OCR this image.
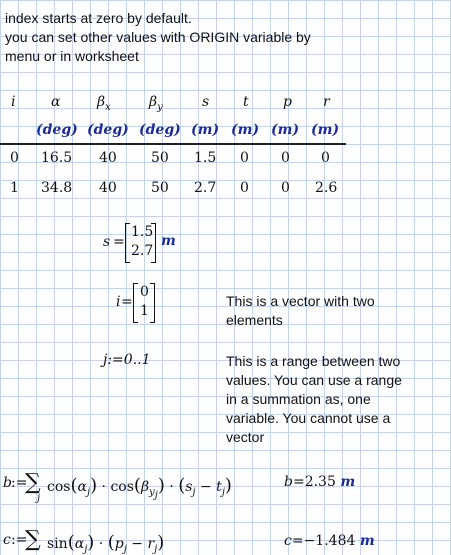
index starts at zero by default.
you can set other values with ORIGIN variable by
menu or in worksheet
i	α	$\beta_x$	$\beta_y$	s t p r
(deg) (deg) (deg) (m) (m) (m) (m)
0 16.5 40 50 1.5 0 0 0
1 34.8 40 50 2.7 0 0 2.6
s =
1.5
2.7
m
i =
0
1
This is a vector with two
elements
j:=0..1	This is a range between two
values. You can use a range
in a summation as, one
variable. You cannot use a
vector
b :=
∑
j
$\cos(\alpha_j) \cdot \cos(\beta_{y_j}) \cdot (s_j - t_j)$	b=2.35 m
c :=
∑ $\sin(\alpha_j) \cdot (p_j - r_j)$	c=−1.484 m
